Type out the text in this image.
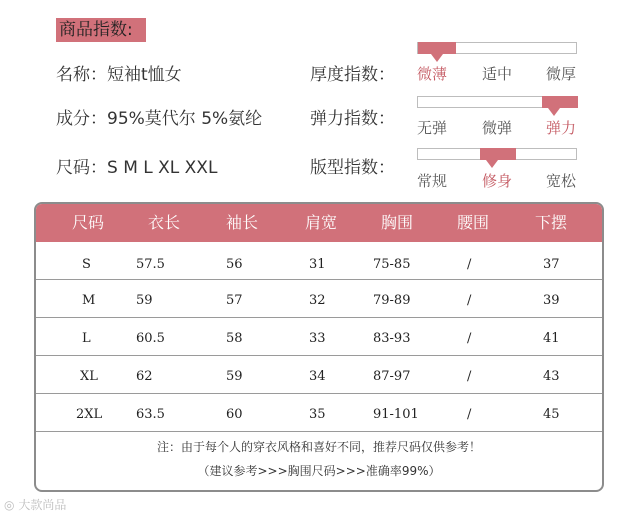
商品指数:
名称：短袖t恤女
成分：95%莫代尔 5%氨纶
尺码：S M L XL XXL
厚度指数： 微薄 适中 微厚
弹力指数： 无弹 微弹 弹力
版型指数：
常规 修身 宽松
尺码	衣长	袖长	肩宽	胸围	腰围	下摆
S	57.5	56	31	75-85	/	37
M	59	57	32	79-89	/	39
L	60.5	58	33	83-93	/	41
XL	62	59	34	87-97	/	43
2XL	63.5	60	35	91-101	/	45
注：由于每个人的穿衣风格和喜好不同，推荐尺码仅供参考！
（建议参考>>>胸围尺码>>>准确率99%）
◎ 大款尚品
